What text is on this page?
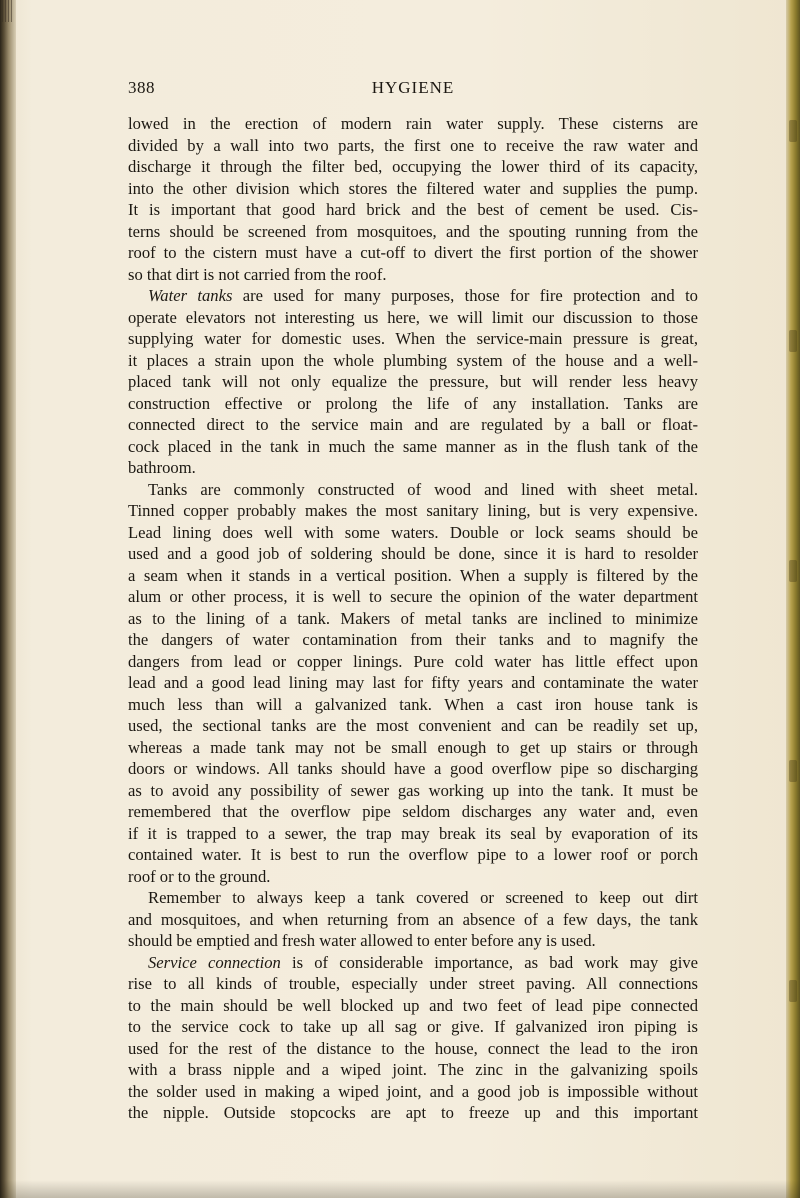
388	HYGIENE
lowed in the erection of modern rain water supply. These cisterns are
divided by a wall into two parts, the first one to receive the raw water and
discharge it through the filter bed, occupying the lower third of its capacity,
into the other division which stores the filtered water and supplies the pump.
It is important that good hard brick and the best of cement be used. Cis-
terns should be screened from mosquitoes, and the spouting running from the
roof to the cistern must have a cut-off to divert the first portion of the shower
so that dirt is not carried from the roof.
Water tanks are used for many purposes, those for fire protection and to
operate elevators not interesting us here, we will limit our discussion to those
supplying water for domestic uses. When the service-main pressure is great,
it places a strain upon the whole plumbing system of the house and a well-
placed tank will not only equalize the pressure, but will render less heavy
construction effective or prolong the life of any installation. Tanks are
connected direct to the service main and are regulated by a ball or float-
cock placed in the tank in much the same manner as in the flush tank of the
bathroom.
Tanks are commonly constructed of wood and lined with sheet metal.
Tinned copper probably makes the most sanitary lining, but is very expensive.
Lead lining does well with some waters. Double or lock seams should be
used and a good job of soldering should be done, since it is hard to resolder
a seam when it stands in a vertical position. When a supply is filtered by the
alum or other process, it is well to secure the opinion of the water department
as to the lining of a tank. Makers of metal tanks are inclined to minimize
the dangers of water contamination from their tanks and to magnify the
dangers from lead or copper linings. Pure cold water has little effect upon
lead and a good lead lining may last for fifty years and contaminate the water
much less than will a galvanized tank. When a cast iron house tank is
used, the sectional tanks are the most convenient and can be readily set up,
whereas a made tank may not be small enough to get up stairs or through
doors or windows. All tanks should have a good overflow pipe so discharging
as to avoid any possibility of sewer gas working up into the tank. It must be
remembered that the overflow pipe seldom discharges any water and, even
if it is trapped to a sewer, the trap may break its seal by evaporation of its
contained water. It is best to run the overflow pipe to a lower roof or porch
roof or to the ground.
Remember to always keep a tank covered or screened to keep out dirt
and mosquitoes, and when returning from an absence of a few days, the tank
should be emptied and fresh water allowed to enter before any is used.
Service connection is of considerable importance, as bad work may give
rise to all kinds of trouble, especially under street paving. All connections
to the main should be well blocked up and two feet of lead pipe connected
to the service cock to take up all sag or give. If galvanized iron piping is
used for the rest of the distance to the house, connect the lead to the iron
with a brass nipple and a wiped joint. The zinc in the galvanizing spoils
the solder used in making a wiped joint, and a good job is impossible without
the nipple. Outside stopcocks are apt to freeze up and this important
